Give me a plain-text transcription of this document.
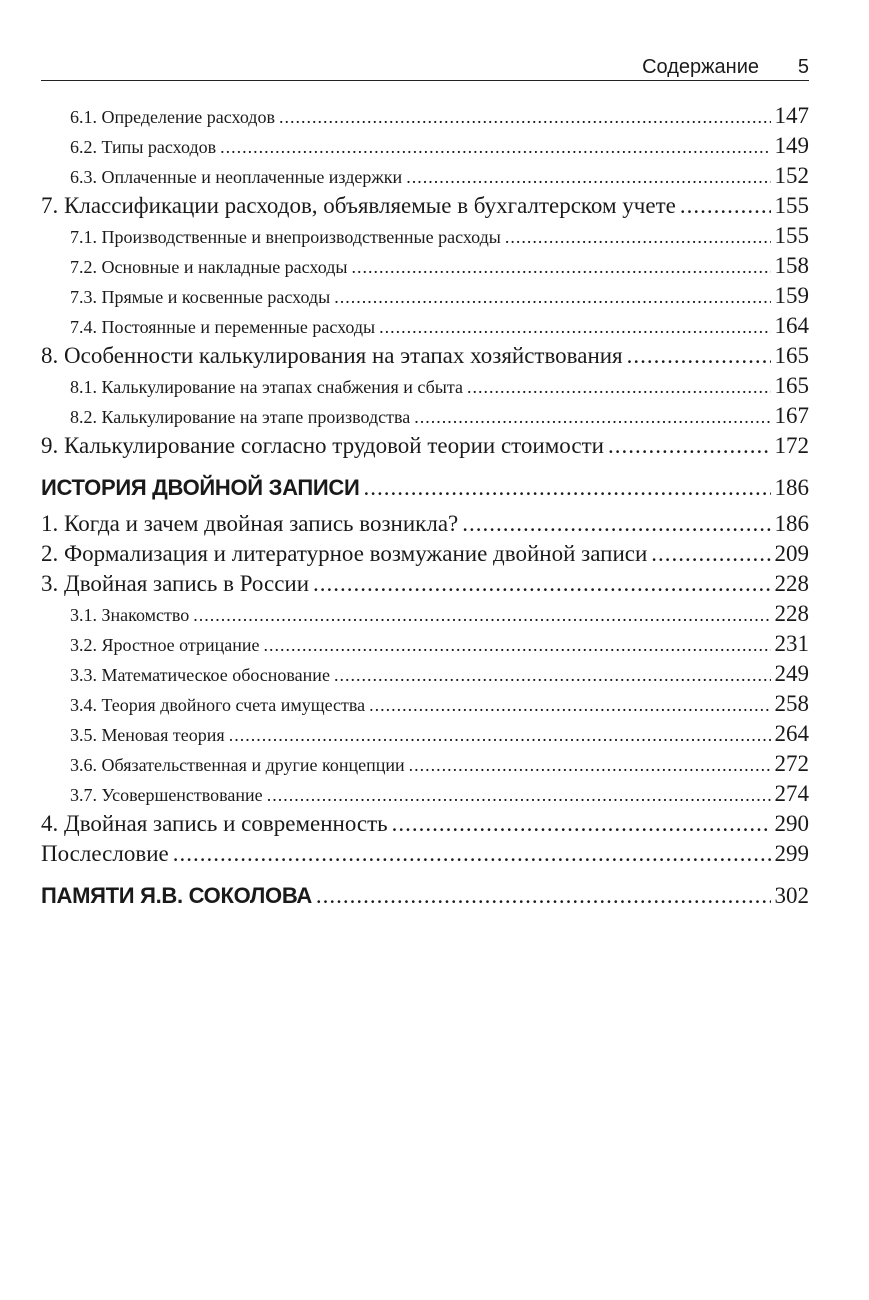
Содержание 5
6.1. Определение расходов .....	147
6.2. Типы расходов .....	149
6.3. Оплаченные и неоплаченные издержки .....	152
7. Классификации расходов, объявляемые в бухгалтерском учете .....	155
7.1. Производственные и внепроизводственные расходы .....	155
7.2. Основные и накладные расходы .....	158
7.3. Прямые и косвенные расходы .....	159
7.4. Постоянные и переменные расходы .....	164
8. Особенности калькулирования на этапах хозяйствования .....	165
8.1. Калькулирование на этапах снабжения и сбыта .....	165
8.2. Калькулирование на этапе производства .....	167
9. Калькулирование согласно трудовой теории стоимости .....	172
ИСТОРИЯ ДВОЙНОЙ ЗАПИСИ .....	186
1. Когда и зачем двойная запись возникла? .....	186
2. Формализация и литературное возмужание двойной записи .....	209
3. Двойная запись в России .....	228
3.1. Знакомство .....	228
3.2. Яростное отрицание .....	231
3.3. Математическое обоснование .....	249
3.4. Теория двойного счета имущества .....	258
3.5. Меновая теория .....	264
3.6. Обязательственная и другие концепции .....	272
3.7. Усовершенствование .....	274
4. Двойная запись и современность .....	290
Послесловие .....	299
ПАМЯТИ Я.В. СОКОЛОВА .....	302
